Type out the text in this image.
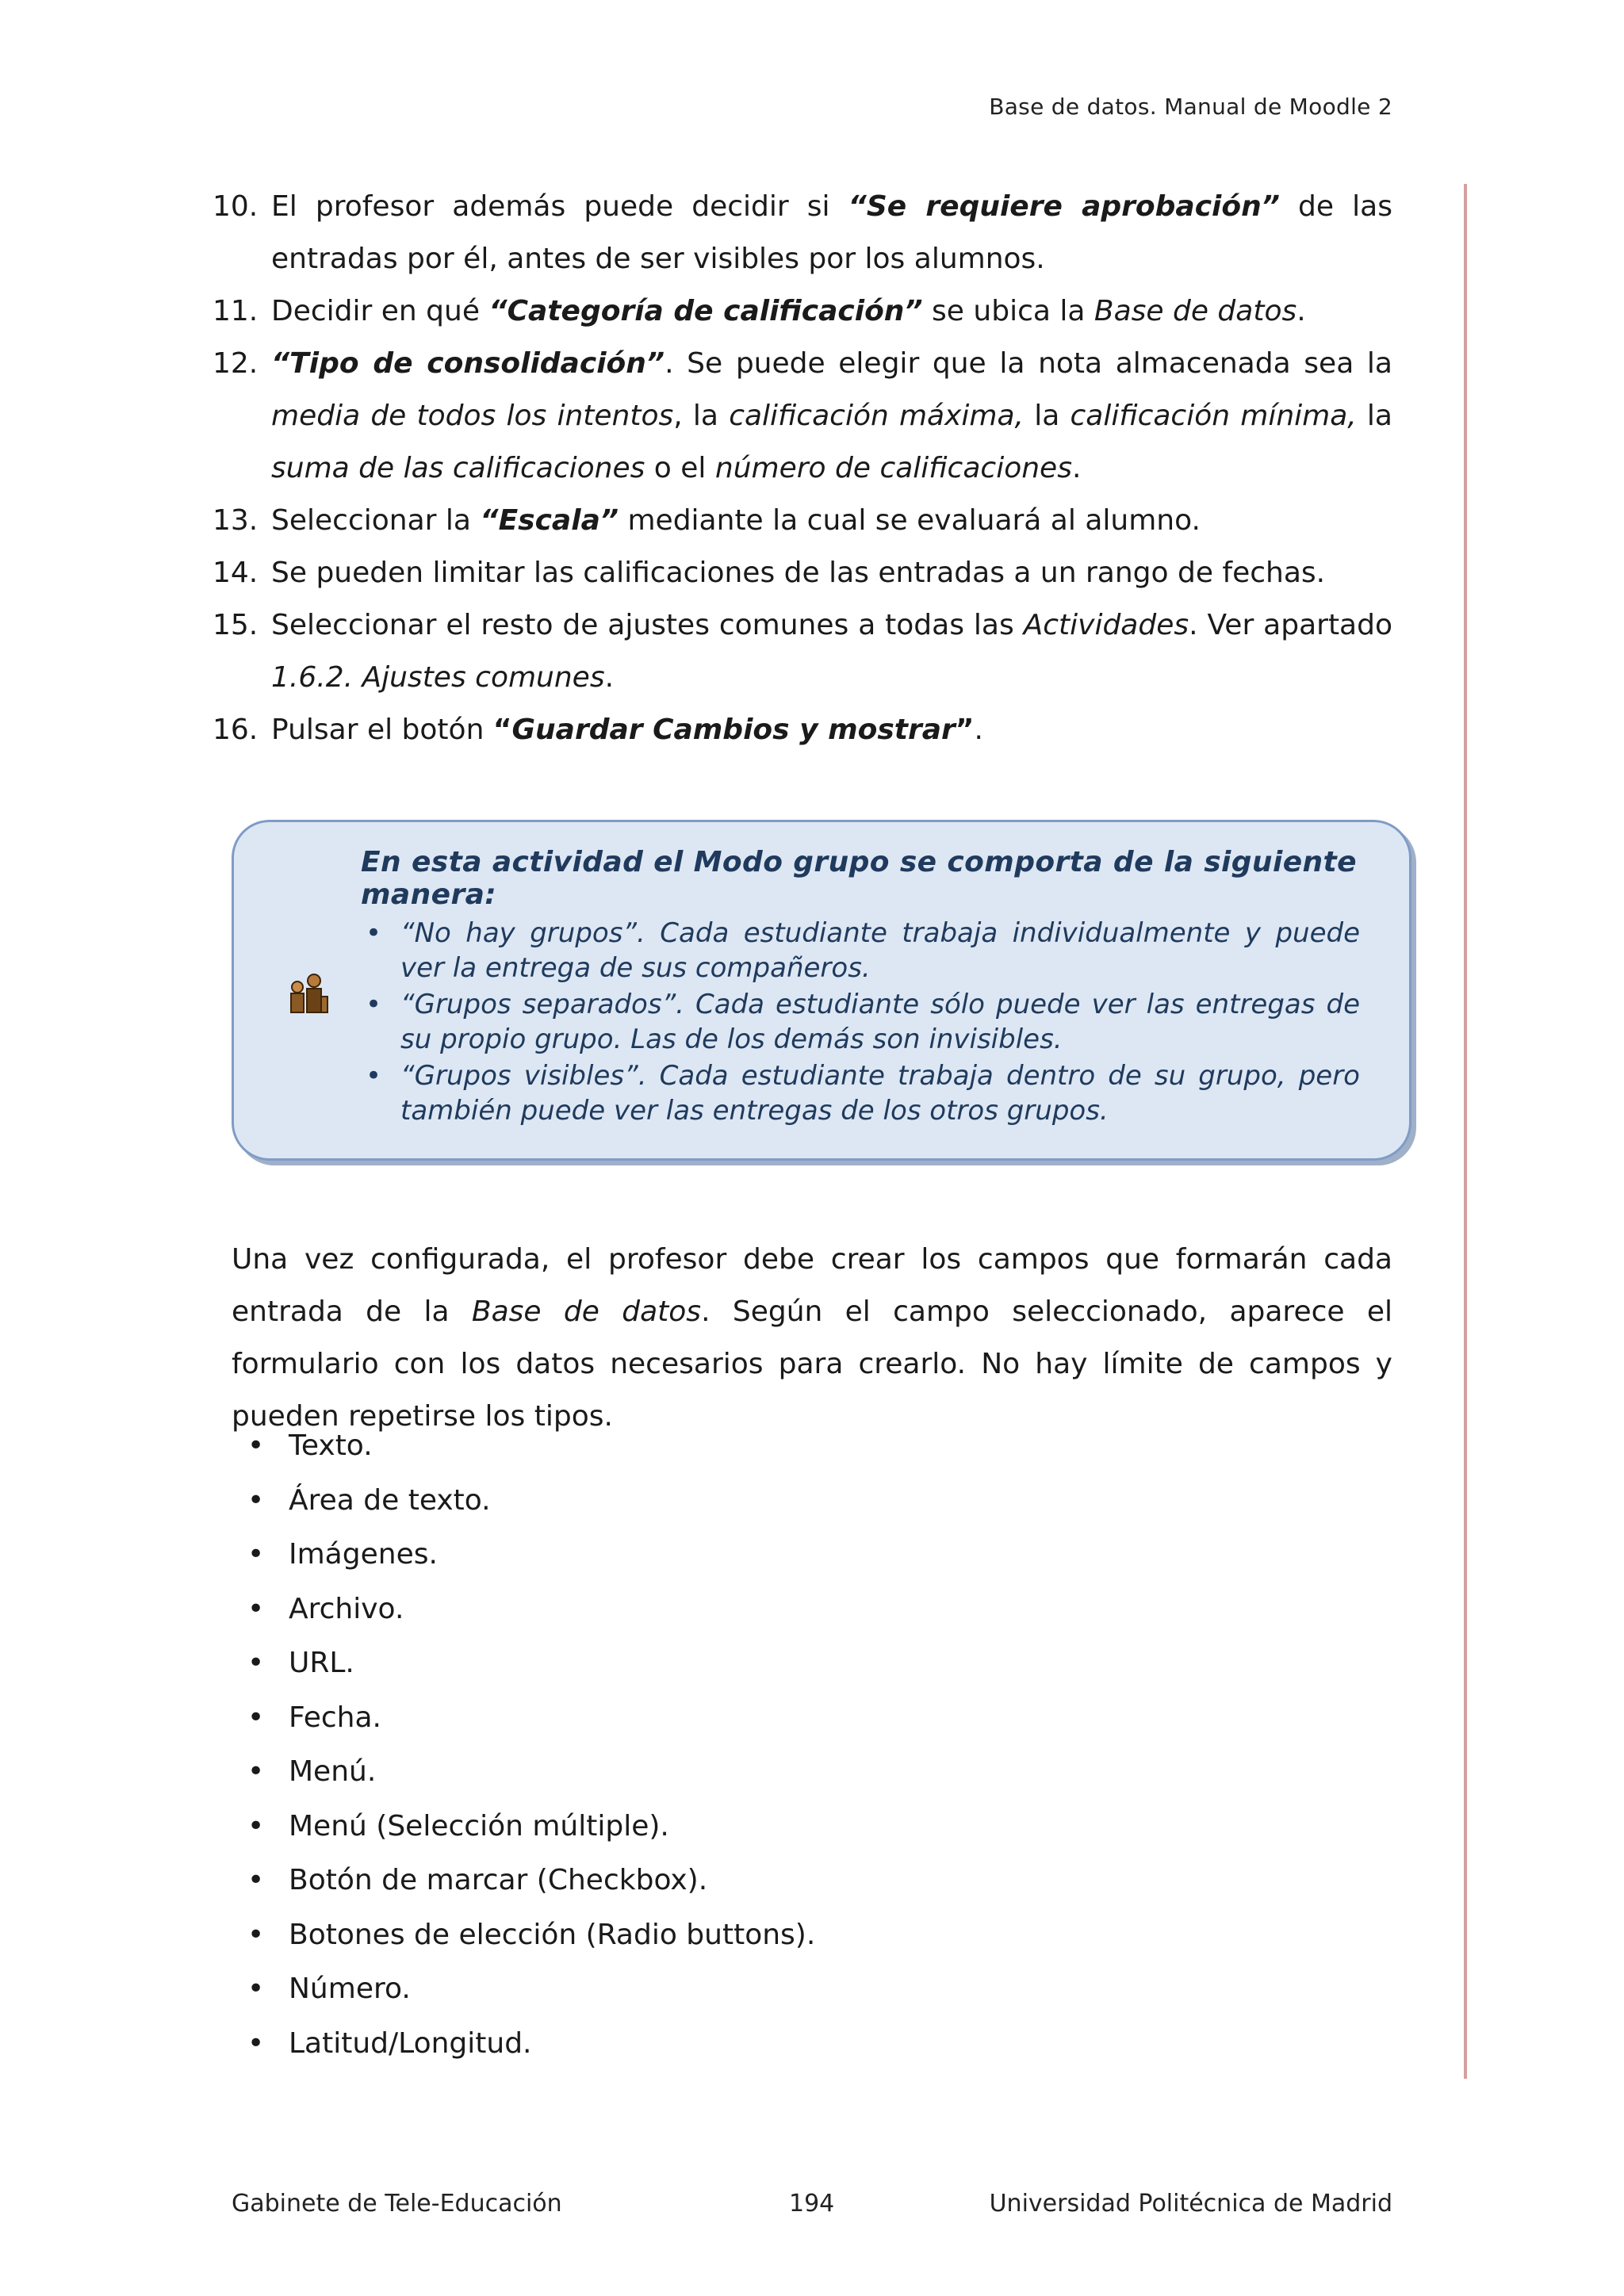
Base de datos. Manual de Moodle 2
10. El profesor además puede decidir si “Se requiere aprobación” de las entradas por él, antes de ser visibles por los alumnos.
11. Decidir en qué “Categoría de calificación” se ubica la Base de datos.
12. “Tipo de consolidación”. Se puede elegir que la nota almacenada sea la media de todos los intentos, la calificación máxima, la calificación mínima, la suma de las calificaciones o el número de calificaciones.
13. Seleccionar la “Escala” mediante la cual se evaluará al alumno.
14. Se pueden limitar las calificaciones de las entradas a un rango de fechas.
15. Seleccionar el resto de ajustes comunes a todas las Actividades. Ver apartado 1.6.2. Ajustes comunes.
16. Pulsar el botón “Guardar Cambios y mostrar”.
En esta actividad el Modo grupo se comporta de la siguiente manera:
• “No hay grupos”. Cada estudiante trabaja individualmente y puede ver la entrega de sus compañeros.
• “Grupos separados”. Cada estudiante sólo puede ver las entregas de su propio grupo. Las de los demás son invisibles.
• “Grupos visibles”. Cada estudiante trabaja dentro de su grupo, pero también puede ver las entregas de los otros grupos.

Una vez configurada, el profesor debe crear los campos que formarán cada entrada de la Base de datos. Según el campo seleccionado, aparece el formulario con los datos necesarios para crearlo. No hay límite de campos y pueden repetirse los tipos.

• Texto.
• Área de texto.
• Imágenes.
• Archivo.
• URL.
• Fecha.
• Menú.
• Menú (Selección múltiple).
• Botón de marcar (Checkbox).
• Botones de elección (Radio buttons).
• Número.
• Latitud/Longitud.
Gabinete de Tele-Educación	194	Universidad Politécnica de Madrid
